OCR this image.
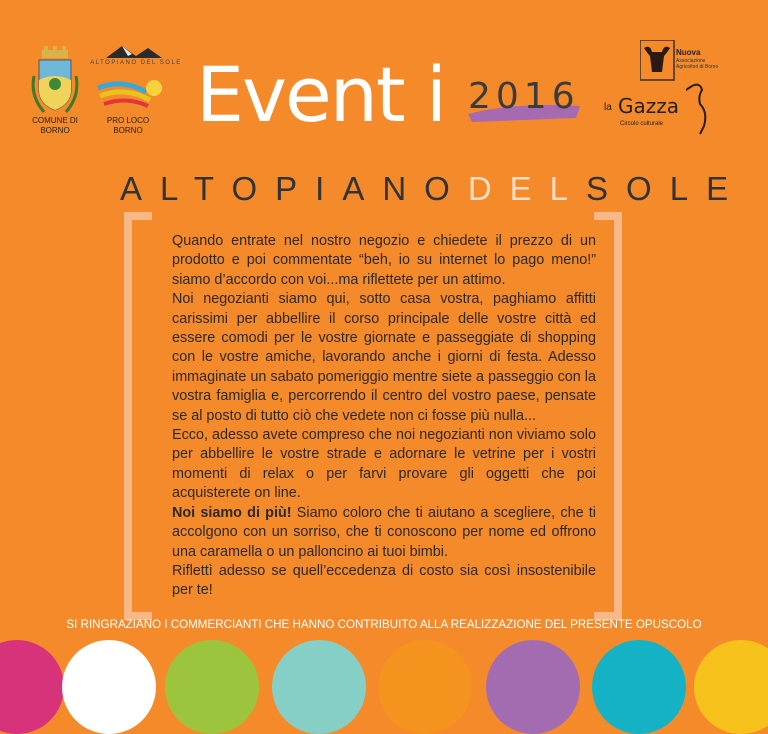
COMUNE DI BORNO
ALTOPIANO DEL SOLE
PRO LOCO BORNO Event i 2016
Nuova
Associazione Agricoltori di Borno
la Gazza
Circolo culturale
ALTOPIANODELSOLE

Quando entrate nel nostro negozio e chiedete il prezzo di un prodotto e poi commentate “beh, io su internet lo pago meno!” siamo d’accordo con voi...ma riflettete per un attimo.

Noi negozianti siamo qui, sotto casa vostra, paghiamo affitti carissimi per abbellire il corso principale delle vostre città ed essere comodi per le vostre giornate e passeggiate di shopping con le vostre amiche, lavorando anche i giorni di festa. Adesso immaginate un sabato pomeriggio mentre siete a passeggio con la vostra famiglia e, percorrendo il centro del vostro paese, pensate se al posto di tutto ciò che vedete non ci fosse più nulla...

Ecco, adesso avete compreso che noi negozianti non viviamo solo per abbellire le vostre strade e adornare le vetrine per i vostri momenti di relax o per farvi provare gli oggetti che poi acquisterete on line.

Noi siamo di più! Siamo coloro che ti aiutano a scegliere, che ti accolgono con un sorriso, che ti conoscono per nome ed offrono una caramella o un palloncino ai tuoi bimbi.

Riflettì adesso se quell’eccedenza di costo sia così insostenibile per te!

SI RINGRAZIANO I COMMERCIANTI CHE HANNO CONTRIBUITO ALLA REALIZZAZIONE DEL PRESENTE OPUSCOLO
